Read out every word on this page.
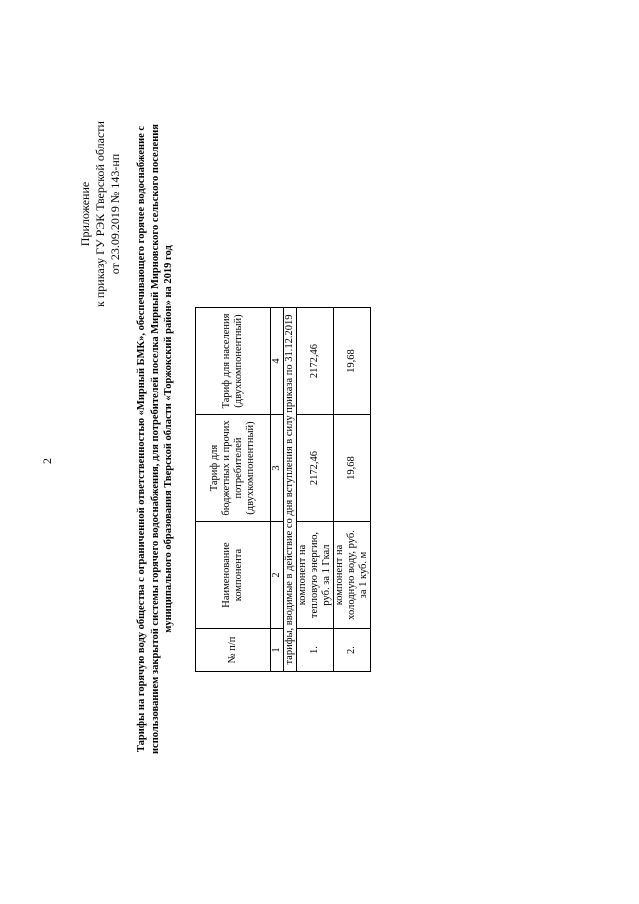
2
Приложение к приказу ГУ РЭК Тверской области от 23.09.2019 № 143-нп Тарифы на горячую воду общества с ограниченной ответственностью «Мирный БМК», обеспечивающего горячее водоснабжение с использованием закрытой системы горячего водоснабжения, для потребителей поселка Мирный Мирновского сельского поселения муниципального образования Тверской области «Торжокский район» на 2019 год
№ п/п	Наименование компонента	Тариф для бюджетных и прочих потребителей (двухкомпонентный)	Тариф для населения (двухкомпонентный)
1	2	3	4
тарифы, вводимые в действие со дня вступления в силу приказа по 31.12.2019			
1.	компонент на тепловую энергию, руб. за 1 Гкал	2172,46	2172,46
2.	компонент на холодную воду, руб. за 1 куб. м	19,68	19,68
